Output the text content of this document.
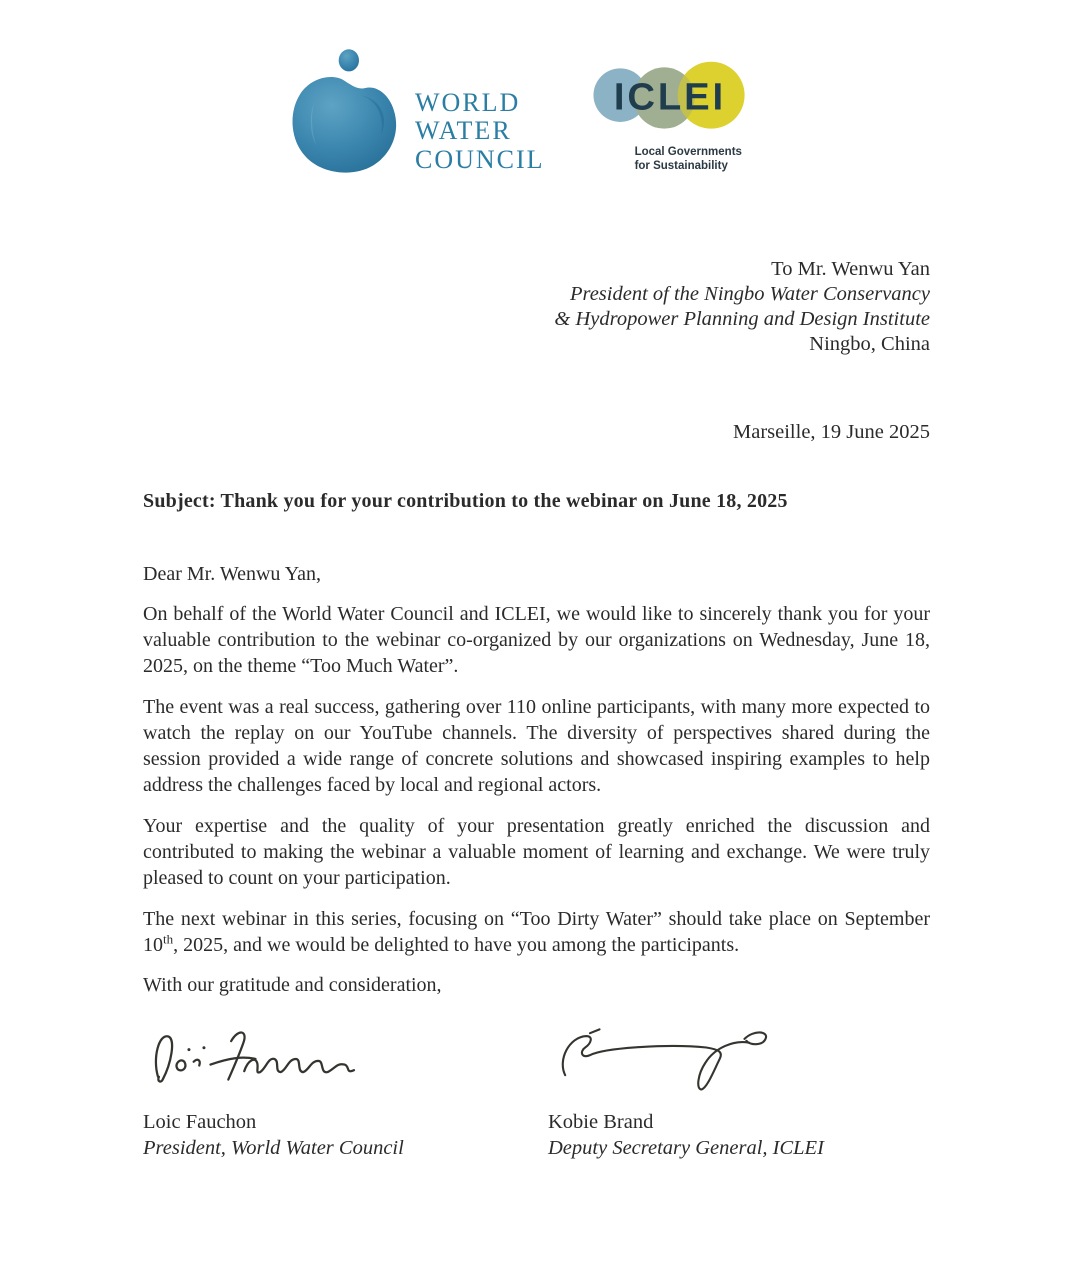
WORLD
WATER
COUNCIL
ICLEI
Local Governments
for Sustainability
To Mr. Wenwu Yan
President of the Ningbo Water Conservancy
& Hydropower Planning and Design Institute
Ningbo, China
Marseille, 19 June 2025
Subject: Thank you for your contribution to the webinar on June 18, 2025
Dear Mr. Wenwu Yan,

On behalf of the World Water Council and ICLEI, we would like to sincerely thank you for your valuable contribution to the webinar co-organized by our organizations on Wednesday, June 18, 2025, on the theme “Too Much Water”.

The event was a real success, gathering over 110 online participants, with many more expected to watch the replay on our YouTube channels. The diversity of perspectives shared during the session provided a wide range of concrete solutions and showcased inspiring examples to help address the challenges faced by local and regional actors.

Your expertise and the quality of your presentation greatly enriched the discussion and contributed to making the webinar a valuable moment of learning and exchange. We were truly pleased to count on your participation.

The next webinar in this series, focusing on “Too Dirty Water” should take place on September 10th, 2025, and we would be delighted to have you among the participants.

With our gratitude and consideration,
Loic Fauchon
President, World Water Council
Kobie Brand
Deputy Secretary General, ICLEI
